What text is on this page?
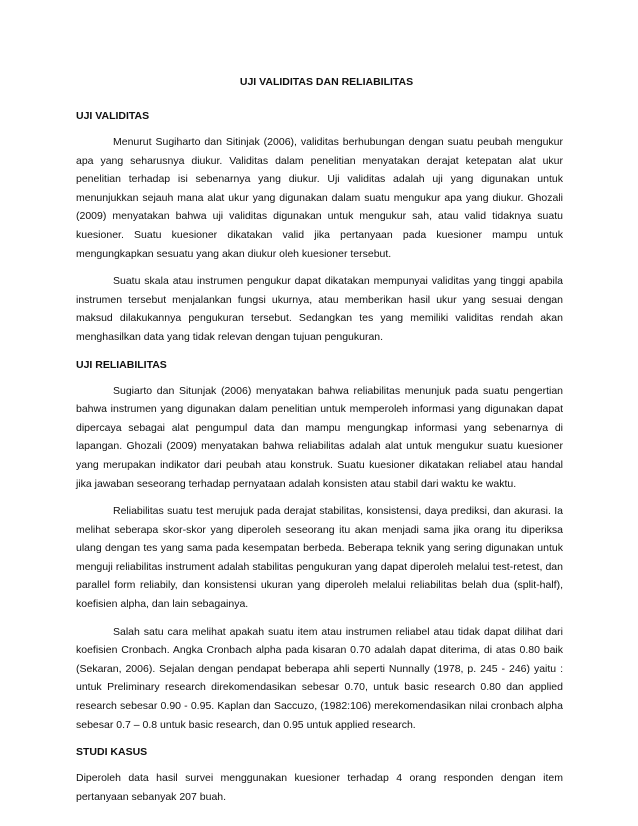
UJI VALIDITAS DAN RELIABILITAS
UJI VALIDITAS

Menurut Sugiharto dan Sitinjak (2006), validitas berhubungan dengan suatu peubah mengukur apa yang seharusnya diukur. Validitas dalam penelitian menyatakan derajat ketepatan alat ukur penelitian terhadap isi sebenarnya yang diukur. Uji validitas adalah uji yang digunakan untuk menunjukkan sejauh mana alat ukur yang digunakan dalam suatu mengukur apa yang diukur. Ghozali (2009) menyatakan bahwa uji validitas digunakan untuk mengukur sah, atau valid tidaknya suatu kuesioner. Suatu kuesioner dikatakan valid jika pertanyaan pada kuesioner mampu untuk mengungkapkan sesuatu yang akan diukur oleh kuesioner tersebut.

Suatu skala atau instrumen pengukur dapat dikatakan mempunyai validitas yang tinggi apabila instrumen tersebut menjalankan fungsi ukurnya, atau memberikan hasil ukur yang sesuai dengan maksud dilakukannya pengukuran tersebut. Sedangkan tes yang memiliki validitas rendah akan menghasilkan data yang tidak relevan dengan tujuan pengukuran.

UJI RELIABILITAS

Sugiarto dan Situnjak (2006) menyatakan bahwa reliabilitas menunjuk pada suatu pengertian bahwa instrumen yang digunakan dalam penelitian untuk memperoleh informasi yang digunakan dapat dipercaya sebagai alat pengumpul data dan mampu mengungkap informasi yang sebenarnya di lapangan. Ghozali (2009) menyatakan bahwa reliabilitas adalah alat untuk mengukur suatu kuesioner yang merupakan indikator dari peubah atau konstruk. Suatu kuesioner dikatakan reliabel atau handal jika jawaban seseorang terhadap pernyataan adalah konsisten atau stabil dari waktu ke waktu.

Reliabilitas suatu test merujuk pada derajat stabilitas, konsistensi, daya prediksi, dan akurasi. Ia melihat seberapa skor-skor yang diperoleh seseorang itu akan menjadi sama jika orang itu diperiksa ulang dengan tes yang sama pada kesempatan berbeda. Beberapa teknik yang sering digunakan untuk menguji reliabilitas instrument adalah stabilitas pengukuran yang dapat diperoleh melalui test-retest, dan parallel form reliabily, dan konsistensi ukuran yang diperoleh melalui reliabilitas belah dua (split-half), koefisien alpha, dan lain sebagainya.

Salah satu cara melihat apakah suatu item atau instrumen reliabel atau tidak dapat dilihat dari koefisien Cronbach. Angka Cronbach alpha pada kisaran 0.70 adalah dapat diterima, di atas 0.80 baik (Sekaran, 2006). Sejalan dengan pendapat beberapa ahli seperti Nunnally (1978, p. 245 - 246) yaitu : untuk Preliminary research direkomendasikan sebesar 0.70, untuk basic research 0.80 dan applied research sebesar 0.90 - 0.95. Kaplan dan Saccuzo, (1982:106) merekomendasikan nilai cronbach alpha sebesar 0.7 – 0.8 untuk basic research, dan 0.95 untuk applied research.

STUDI KASUS

Diperoleh data hasil survei menggunakan kuesioner terhadap 4 orang responden dengan item pertanyaan sebanyak 207 buah.
